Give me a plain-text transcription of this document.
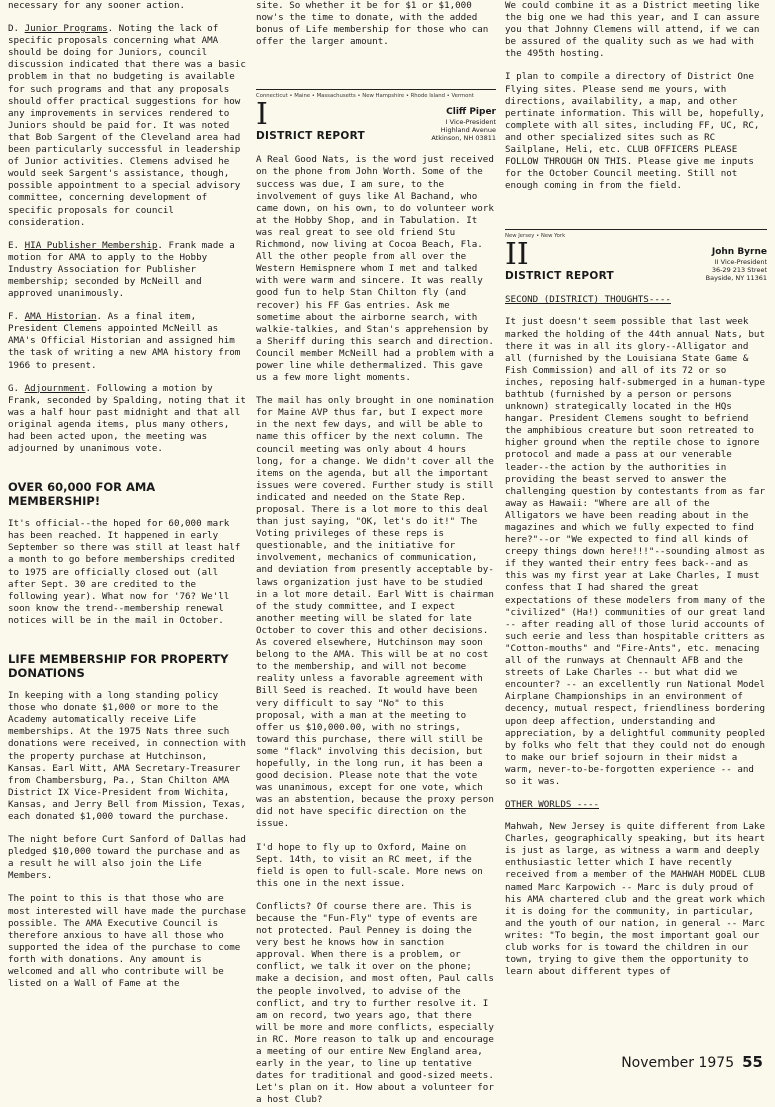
necessary for any sooner action.

D. Junior Programs. Noting the lack of specific proposals concerning what AMA should be doing for Juniors, council discussion indicated that there was a basic problem in that no budgeting is available for such programs and that any proposals should offer practical suggestions for how any improvements in services rendered to Juniors should be paid for. It was noted that Bob Sargent of the Cleveland area had been particularly successful in leadership of Junior activities. Clemens advised he would seek Sargent's assistance, though, possible appointment to a special advisory committee, concerning development of specific proposals for council consideration.

E. HIA Publisher Membership. Frank made a motion for AMA to apply to the Hobby Industry Association for Publisher membership; seconded by McNeill and approved unanimously.

F. AMA Historian. As a final item, President Clemens appointed McNeill as AMA's Official Historian and assigned him the task of writing a new AMA history from 1966 to present.

G. Adjournment. Following a motion by Frank, seconded by Spalding, noting that it was a half hour past midnight and that all original agenda items, plus many others, had been acted upon, the meeting was adjourned by unanimous vote.

OVER 60,000 FOR AMA MEMBERSHIP!

It's official--the hoped for 60,000 mark has been reached. It happened in early September so there was still at least half a month to go before memberships credited to 1975 are officially closed out (all after Sept. 30 are credited to the following year). What now for '76? We'll soon know the trend--membership renewal notices will be in the mail in October.

LIFE MEMBERSHIP FOR PROPERTY DONATIONS

In keeping with a long standing policy those who donate $1,000 or more to the Academy automatically receive Life memberships. At the 1975 Nats three such donations were received, in connection with the property purchase at Hutchinson, Kansas. Earl Witt, AMA Secretary-Treasurer from Chambersburg, Pa., Stan Chilton AMA District IX Vice-President from Wichita, Kansas, and Jerry Bell from Mission, Texas, each donated $1,000 toward the purchase.

The night before Curt Sanford of Dallas had pledged $10,000 toward the purchase and as a result he will also join the Life Members.

The point to this is that those who are most interested will have made the purchase possible. The AMA Executive Council is therefore anxious to have all those who supported the idea of the purchase to come forth with donations. Any amount is welcomed and all who contribute will be listed on a Wall of Fame at the

site. So whether it be for $1 or $1,000 now's the time to donate, with the added bonus of Life membership for those who can offer the larger amount.

Connecticut • Maine • Massachusetts • New Hampshire • Rhode Island • Vermont
I
DISTRICT REPORT
Cliff Piper
I Vice-President
Highland Avenue
Atkinson, NH 03811

A Real Good Nats, is the word just received on the phone from John Worth. Some of the success was due, I am sure, to the involvement of guys like Al Bachand, who came down, on his own, to do volunteer work at the Hobby Shop, and in Tabulation. It was real great to see old friend Stu Richmond, now living at Cocoa Beach, Fla. All the other people from all over the Western Hemispnere whom I met and talked with were warm and sincere. It was really good fun to help Stan Chilton fly (and recover) his FF Gas entries. Ask me sometime about the airborne search, with walkie-talkies, and Stan's apprehension by a Sheriff during this search and direction. Council member McNeill had a problem with a power line while dethermalized. This gave us a few more light moments.

The mail has only brought in one nomination for Maine AVP thus far, but I expect more in the next few days, and will be able to name this officer by the next column. The council meeting was only about 4 hours long, for a change. We didn't cover all the items on the agenda, but all the important issues were covered. Further study is still indicated and needed on the State Rep. proposal. There is a lot more to this deal than just saying, "OK, let's do it!" The Voting privileges of these reps is questionable, and the initiative for involvement, mechanics of communication, and deviation from presently acceptable by-laws organization just have to be studied in a lot more detail. Earl Witt is chairman of the study committee, and I expect another meeting will be slated for late October to cover this and other decisions. As covered elsewhere, Hutchinson may soon belong to the AMA. This will be at no cost to the membership, and will not become reality unless a favorable agreement with Bill Seed is reached. It would have been very difficult to say "No" to this proposal, with a man at the meeting to offer us $10,000.00, with no strings, toward this purchase, there will still be some "flack" involving this decision, but hopefully, in the long run, it has been a good decision. Please note that the vote was unanimous, except for one vote, which was an abstention, because the proxy person did not have specific direction on the issue.

I'd hope to fly up to Oxford, Maine on Sept. 14th, to visit an RC meet, if the field is open to full-scale. More news on this one in the next issue.

Conflicts? Of course there are. This is because the "Fun-Fly" type of events are not protected. Paul Penney is doing the very best he knows how in sanction approval. When there is a problem, or conflict, we talk it over on the phone; make a decision, and most often, Paul calls the people involved, to advise of the conflict, and try to further resolve it. I am on record, two years ago, that there will be more and more conflicts, especially in RC. More reason to talk up and encourage a meeting of our entire New England area, early in the year, to line up tentative dates for traditional and good-sized meets. Let's plan on it. How about a volunteer for a host Club?

We could combine it as a District meeting like the big one we had this year, and I can assure you that Johnny Clemens will attend, if we can be assured of the quality such as we had with the 495th hosting.

I plan to compile a directory of District One Flying sites. Please send me yours, with directions, availability, a map, and other pertinate information. This will be, hopefully, complete with all sites, including FF, UC, RC, and other specialized sites such as RC Sailplane, Heli, etc. CLUB OFFICERS PLEASE FOLLOW THROUGH ON THIS. Please give me inputs for the October Council meeting. Still not enough coming in from the field.

New Jersey • New York
II
DISTRICT REPORT
John Byrne
II Vice-President
36-29 213 Street
Bayside, NY 11361

SECOND (DISTRICT) THOUGHTS----

It just doesn't seem possible that last week marked the holding of the 44th annual Nats, but there it was in all its glory--Alligator and all (furnished by the Louisiana State Game & Fish Commission) and all of its 72 or so inches, reposing half-submerged in a human-type bathtub (furnished by a person or persons unknown) strategically located in the HQs hangar. President Clemens sought to befriend the amphibious creature but soon retreated to higher ground when the reptile chose to ignore protocol and made a pass at our venerable leader--the action by the authorities in providing the beast served to answer the challenging question by contestants from as far away as Hawaii: "Where are all of the Alligators we have been reading about in the magazines and which we fully expected to find here?"--or "We expected to find all kinds of creepy things down here!!!"--sounding almost as if they wanted their entry fees back--and as this was my first year at Lake Charles, I must confess that I had shared the great expectations of these modelers from many of the "civilized" (Ha!) communities of our great land -- after reading all of those lurid accounts of such eerie and less than hospitable critters as "Cotton-mouths" and "Fire-Ants", etc. menacing all of the runways at Chennault AFB and the streets of Lake Charles -- but what did we encounter? -- an excellently run National Model Airplane Championships in an environment of decency, mutual respect, friendliness bordering upon deep affection, understanding and appreciation, by a delightful community peopled by folks who felt that they could not do enough to make our brief sojourn in their midst a warm, never-to-be-forgotten experience -- and so it was.

OTHER WORLDS ----

Mahwah, New Jersey is quite different from Lake Charles, geographically speaking, but its heart is just as large, as witness a warm and deeply enthusiastic letter which I have recently received from a member of the MAHWAH MODEL CLUB named Marc Karpowich -- Marc is duly proud of his AMA chartered club and the great work which it is doing for the community, in particular, and the youth of our nation, in general -- Marc writes: "To begin, the most important goal our club works for is toward the children in our town, trying to give them the opportunity to learn about different types of

November 1975 55
